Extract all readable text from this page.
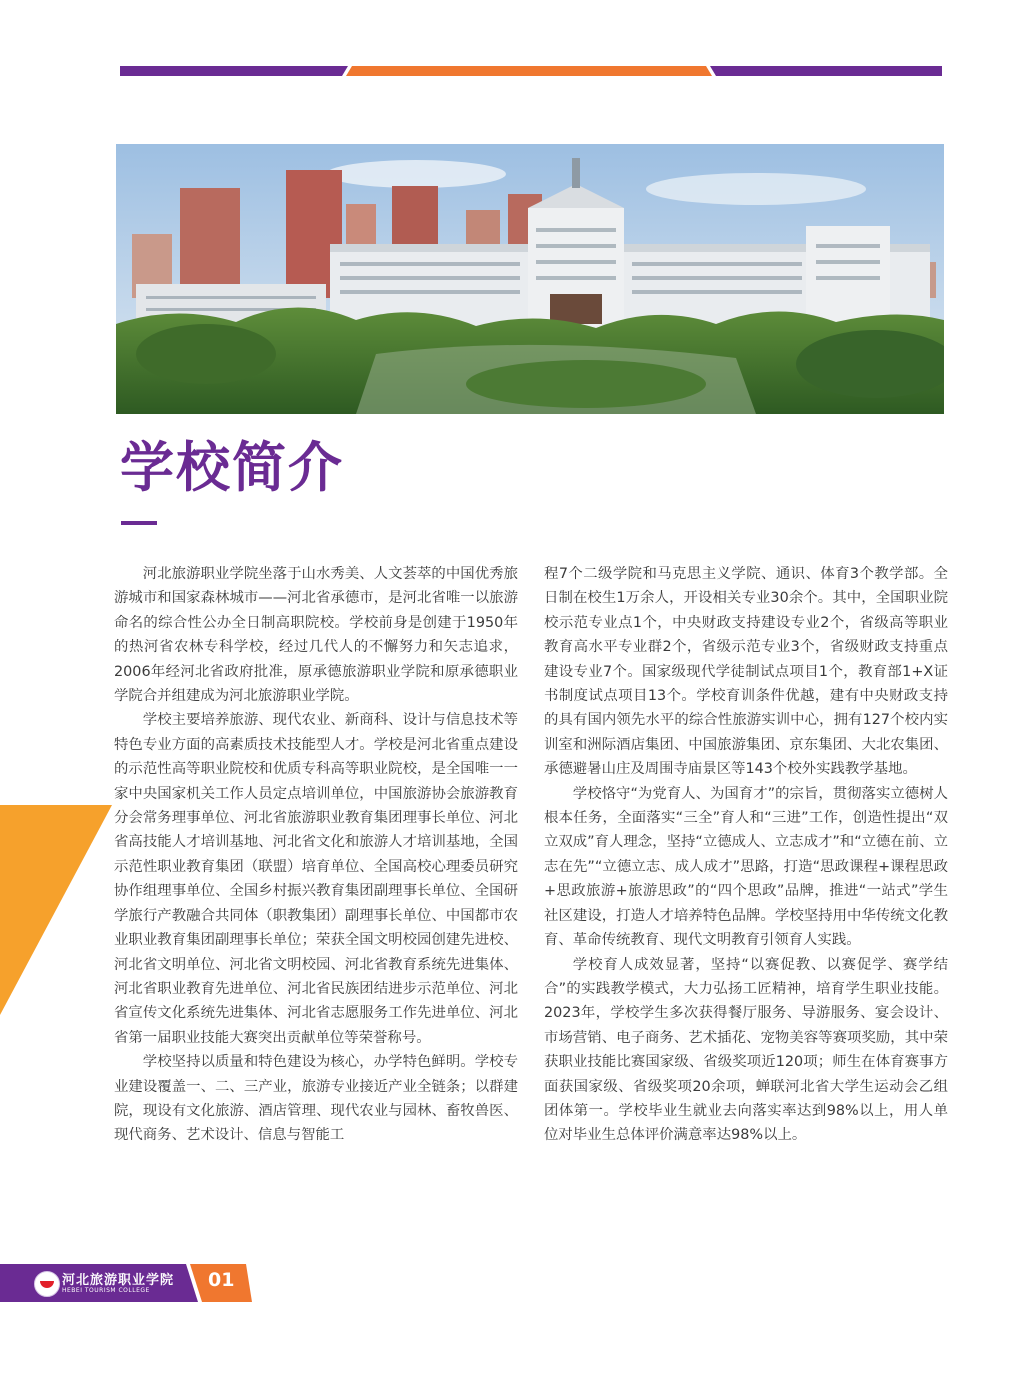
学校简介

河北旅游职业学院坐落于山水秀美、人文荟萃的中国优秀旅游城市和国家森林城市——河北省承德市，是河北省唯一以旅游命名的综合性公办全日制高职院校。学校前身是创建于1950年的热河省农林专科学校，经过几代人的不懈努力和矢志追求，2006年经河北省政府批准，原承德旅游职业学院和原承德职业学院合并组建成为河北旅游职业学院。

学校主要培养旅游、现代农业、新商科、设计与信息技术等特色专业方面的高素质技术技能型人才。学校是河北省重点建设的示范性高等职业院校和优质专科高等职业院校，是全国唯一一家中央国家机关工作人员定点培训单位，中国旅游协会旅游教育分会常务理事单位、河北省旅游职业教育集团理事长单位、河北省高技能人才培训基地、河北省文化和旅游人才培训基地，全国示范性职业教育集团（联盟）培育单位、全国高校心理委员研究协作组理事单位、全国乡村振兴教育集团副理事长单位、全国研学旅行产教融合共同体（职教集团）副理事长单位、中国都市农业职业教育集团副理事长单位；荣获全国文明校园创建先进校、河北省文明单位、河北省文明校园、河北省教育系统先进集体、河北省职业教育先进单位、河北省民族团结进步示范单位、河北省宣传文化系统先进集体、河北省志愿服务工作先进单位、河北省第一届职业技能大赛突出贡献单位等荣誉称号。

学校坚持以质量和特色建设为核心，办学特色鲜明。学校专业建设覆盖一、二、三产业，旅游专业接近产业全链条；以群建院，现设有文化旅游、酒店管理、现代农业与园林、畜牧兽医、现代商务、艺术设计、信息与智能工

程7个二级学院和马克思主义学院、通识、体育3个教学部。全日制在校生1万余人，开设相关专业30余个。其中，全国职业院校示范专业点1个，中央财政支持建设专业2个，省级高等职业教育高水平专业群2个，省级示范专业3个，省级财政支持重点建设专业7个。国家级现代学徒制试点项目1个，教育部1+X证书制度试点项目13个。学校育训条件优越，建有中央财政支持的具有国内领先水平的综合性旅游实训中心，拥有127个校内实训室和洲际酒店集团、中国旅游集团、京东集团、大北农集团、承德避暑山庄及周围寺庙景区等143个校外实践教学基地。

学校恪守“为党育人、为国育才”的宗旨，贯彻落实立德树人根本任务，全面落实“三全”育人和“三进”工作，创造性提出“双立双成”育人理念，坚持“立德成人、立志成才”和“立德在前、立志在先”“立德立志、成人成才”思路，打造“思政课程+课程思政+思政旅游+旅游思政”的“四个思政”品牌，推进“一站式”学生社区建设，打造人才培养特色品牌。学校坚持用中华传统文化教育、革命传统教育、现代文明教育引领育人实践。

学校育人成效显著，坚持“以赛促教、以赛促学、赛学结合”的实践教学模式，大力弘扬工匠精神，培育学生职业技能。2023年，学校学生多次获得餐厅服务、导游服务、宴会设计、市场营销、电子商务、艺术插花、宠物美容等赛项奖励，其中荣获职业技能比赛国家级、省级奖项近120项；师生在体育赛事方面获国家级、省级奖项20余项，蝉联河北省大学生运动会乙组团体第一。学校毕业生就业去向落实率达到98%以上，用人单位对毕业生总体评价满意率达98%以上。

河北旅游职业学院
HEBEI TOURISM COLLEGE	01
